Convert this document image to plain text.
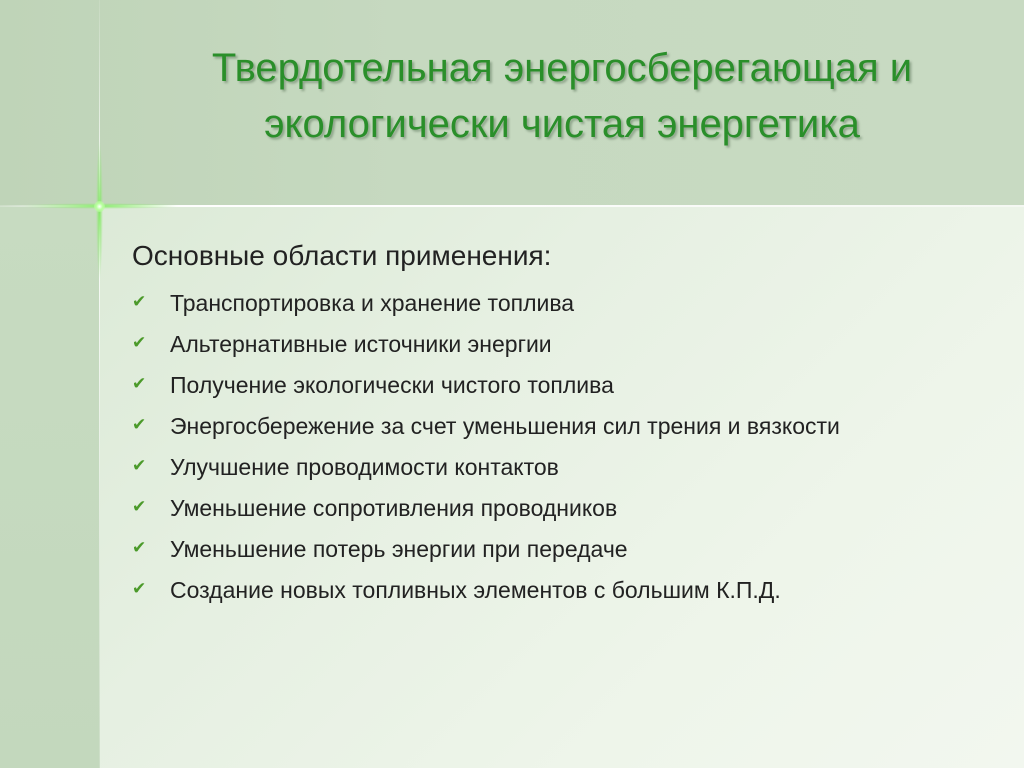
Твердотельная энергосберегающая и экологически чистая энергетика
Основные области применения:
✔ Транспортировка и хранение топлива
✔ Альтернативные источники энергии
✔ Получение экологически чистого топлива
✔ Энергосбережение за счет уменьшения сил трения и вязкости
✔ Улучшение проводимости контактов
✔ Уменьшение сопротивления проводников
✔ Уменьшение потерь энергии при передаче
✔ Создание новых топливных элементов с большим К.П.Д.
